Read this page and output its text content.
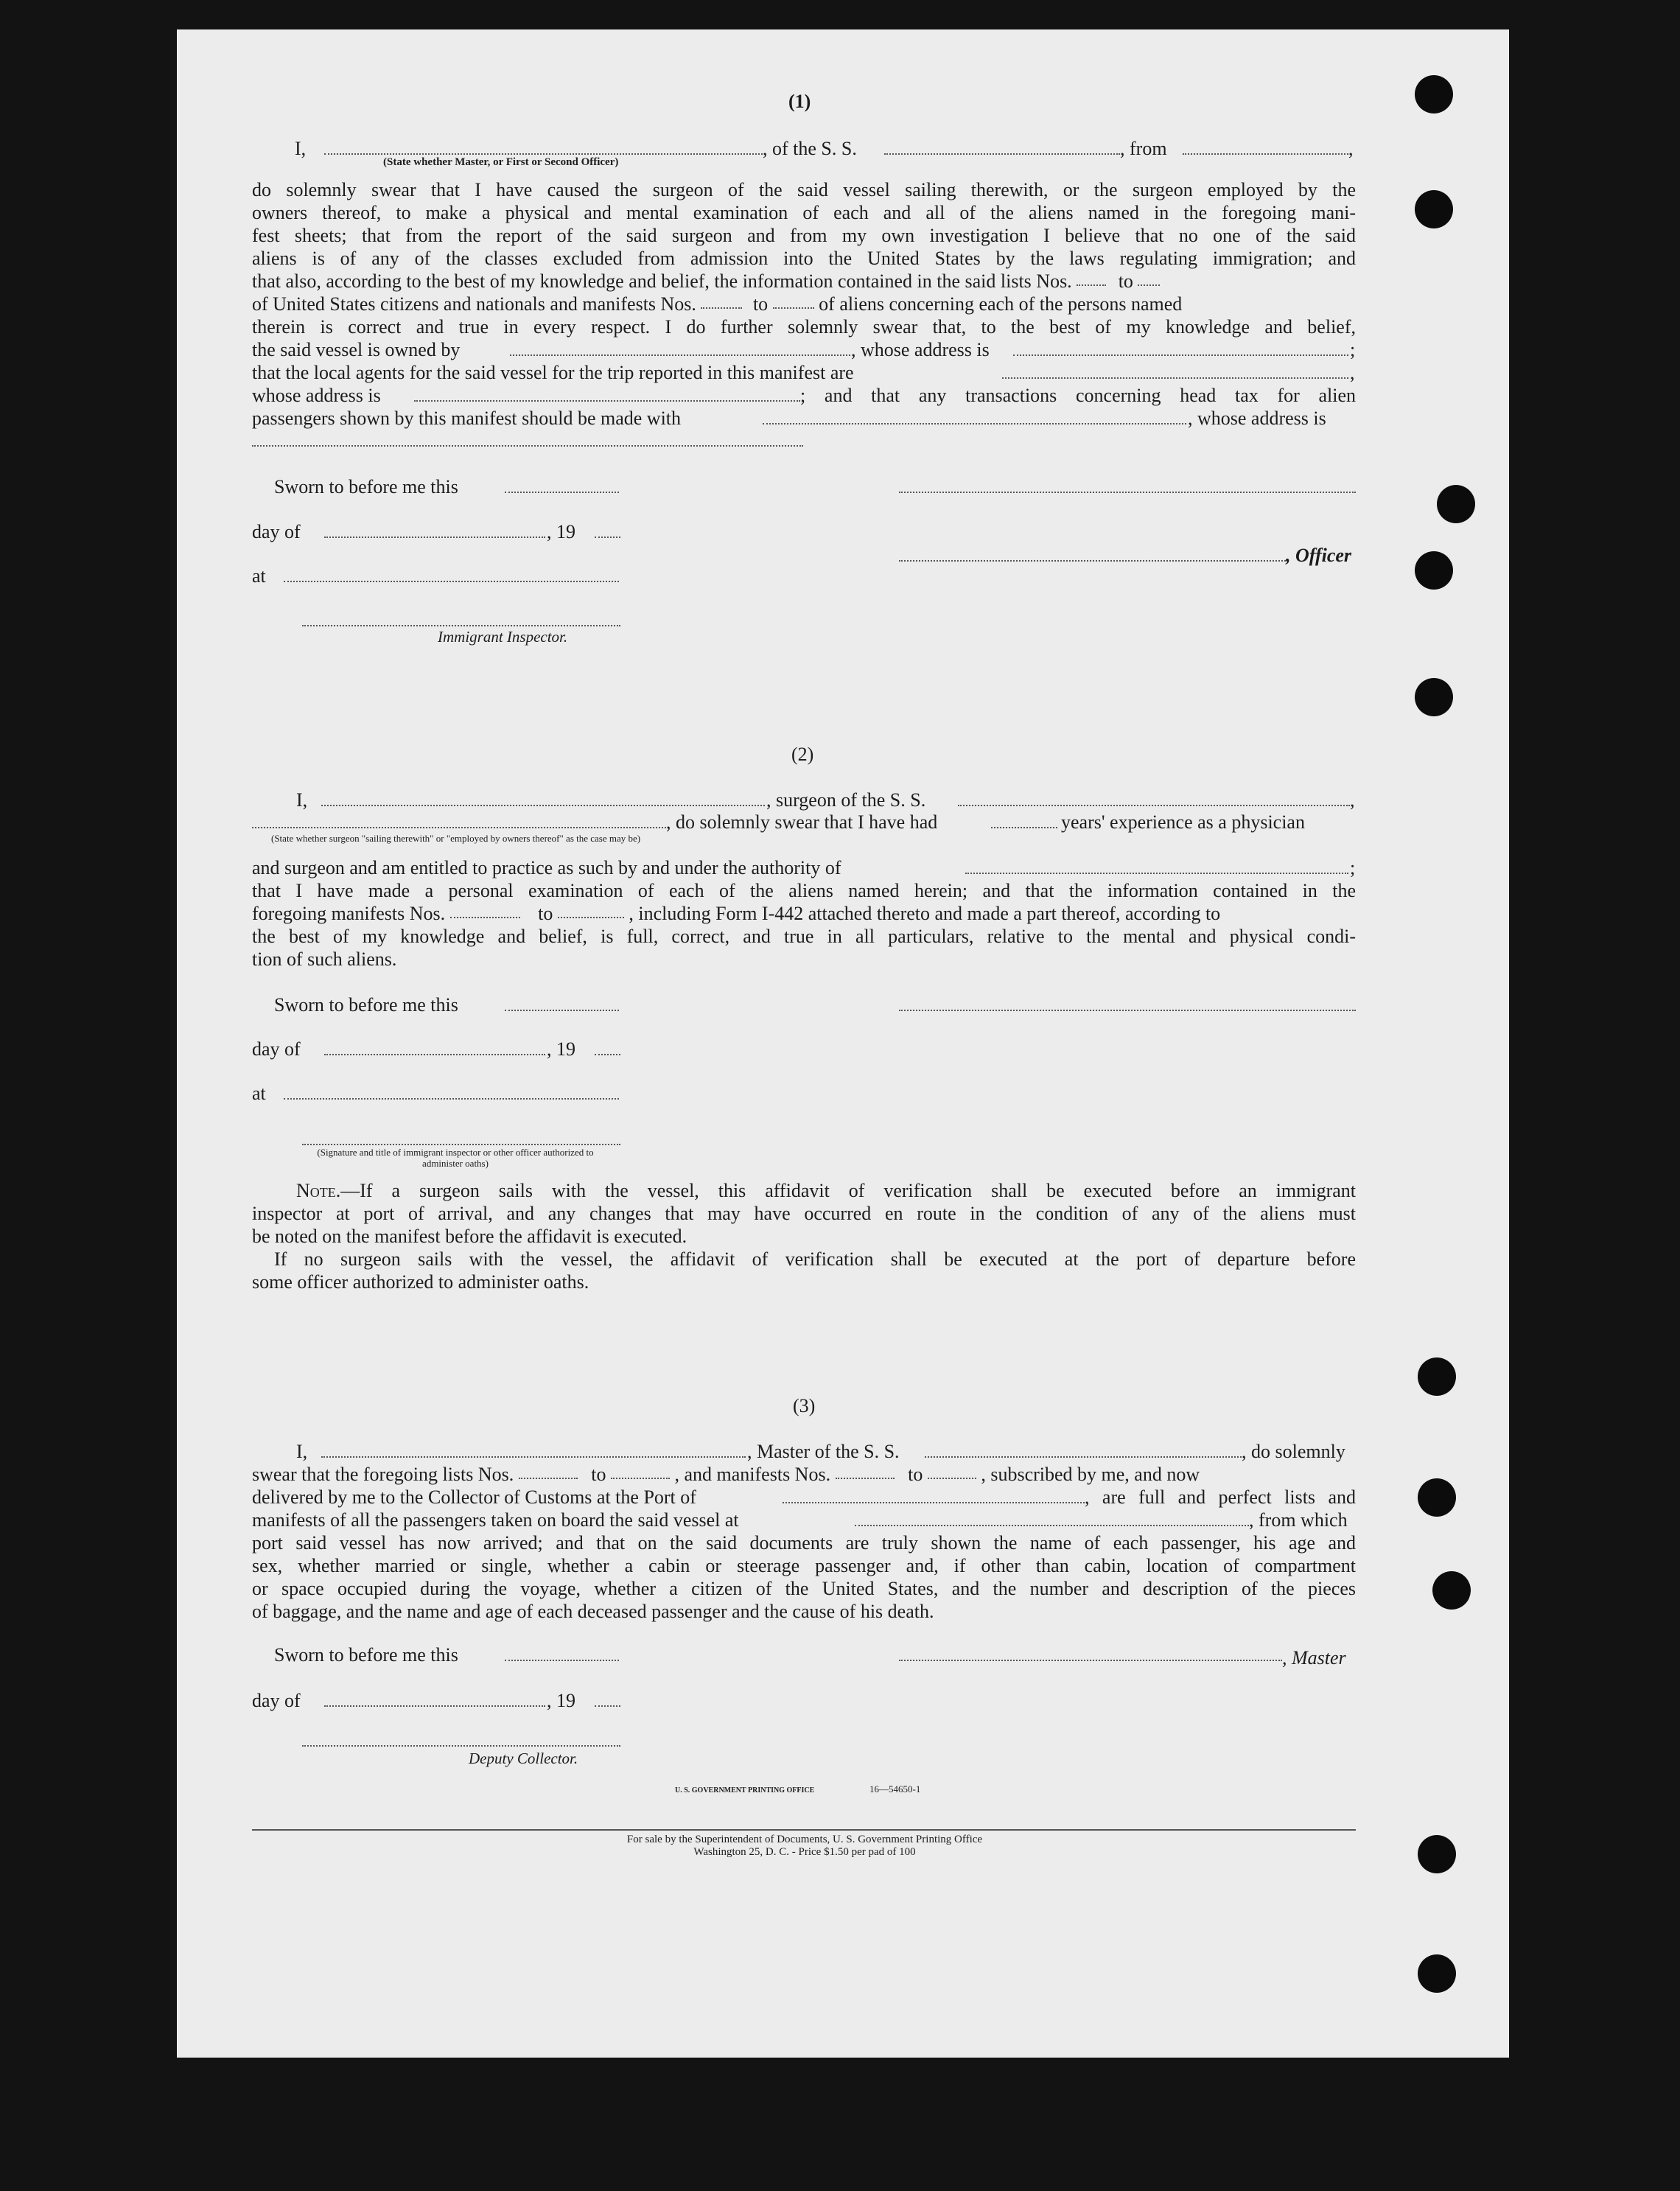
(1)
I,	, of the S. S.	, from	,
(State whether Master, or First or Second Officer)
do solemnly swear that I have caused the surgeon of the said vessel sailing therewith, or the surgeon employed by the
owners thereof, to make a physical and mental examination of each and all of the aliens named in the foregoing mani-
fest sheets; that from the report of the said surgeon and from my own investigation I believe that no one of the said
aliens is of any of the classes excluded from admission into the United States by the laws regulating immigration; and
that also, according to the best of my knowledge and belief, the information contained in the said lists Nos. to
of United States citizens and nationals and manifests Nos.	to	of aliens concerning each of the persons named
therein is correct and true in every respect. I do further solemnly swear that, to the best of my knowledge and belief,
the said vessel is owned by	, whose address is	;
that the local agents for the said vessel for the trip reported in this manifest are	,
whose address is	; and that any transactions concerning head tax for alien
passengers shown by this manifest should be made with	, whose address is
Sworn to before me this
day of	, 19
, Officer
at
Immigrant Inspector.
(2)
I,	, surgeon of the S. S.	,
, do solemnly swear that I have had	years' experience as a physician
(State whether surgeon "sailing therewith" or "employed by owners thereof" as the case may be)
and surgeon and am entitled to practice as such by and under the authority of	;
that I have made a personal examination of each of the aliens named herein; and that the information contained in the
foregoing manifests Nos.	to	, including Form I-442 attached thereto and made a part thereof, according to
the best of my knowledge and belief, is full, correct, and true in all particulars, relative to the mental and physical condi-
tion of such aliens.
Sworn to before me this
day of	, 19
at
(Signature and title of immigrant inspector or other officer authorized to administer oaths)
Note.—If a surgeon sails with the vessel, this affidavit of verification shall be executed before an immigrant
inspector at port of arrival, and any changes that may have occurred en route in the condition of any of the aliens must
be noted on the manifest before the affidavit is executed.
If no surgeon sails with the vessel, the affidavit of verification shall be executed at the port of departure before
some officer authorized to administer oaths.
(3)
I,	, Master of the S. S.	, do solemnly
swear that the foregoing lists Nos.	to	, and manifests Nos.	to	, subscribed by me, and now
delivered by me to the Collector of Customs at the Port of	, are full and perfect lists and
manifests of all the passengers taken on board the said vessel at	, from which
port said vessel has now arrived; and that on the said documents are truly shown the name of each passenger, his age and
sex, whether married or single, whether a cabin or steerage passenger and, if other than cabin, location of compartment
or space occupied during the voyage, whether a citizen of the United States, and the number and description of the pieces
of baggage, and the name and age of each deceased passenger and the cause of his death.
Sworn to before me this	, Master
day of	, 19
Deputy Collector.
U. S. GOVERNMENT PRINTING OFFICE	16—54650-1
For sale by the Superintendent of Documents, U. S. Government Printing Office
Washington 25, D. C. - Price $1.50 per pad of 100
